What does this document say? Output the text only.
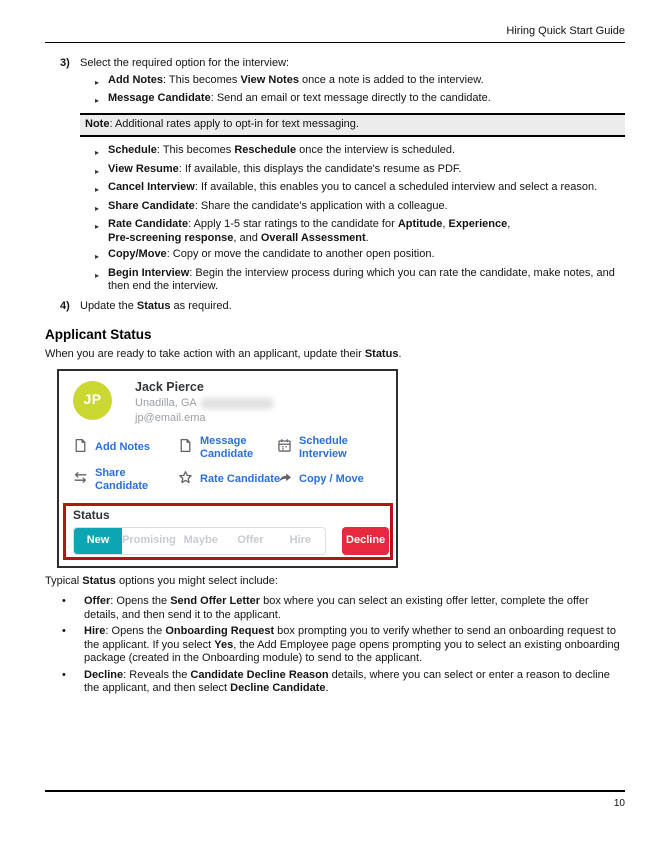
Hiring Quick Start Guide
3) Select the required option for the interview:
▸ Add Notes: This becomes View Notes once a note is added to the interview.
▸ Message Candidate: Send an email or text message directly to the candidate.
Note: Additional rates apply to opt-in for text messaging.
▸ Schedule: This becomes Reschedule once the interview is scheduled.
▸ View Resume: If available, this displays the candidate's resume as PDF.
▸ Cancel Interview: If available, this enables you to cancel a scheduled interview and select a reason.
▸ Share Candidate: Share the candidate's application with a colleague.
▸ Rate Candidate: Apply 1-5 star ratings to the candidate for Aptitude, Experience,
Pre-screening response, and Overall Assessment.
▸ Copy/Move: Copy or move the candidate to another open position.
▸ Begin Interview: Begin the interview process during which you can rate the candidate, make notes, and then end the interview.
4) Update the Status as required.
Applicant Status

When you are ready to take action with an applicant, update their Status.

JP
Jack Pierce
Unadilla, GA
jp@email.ema
Add Notes
Message Candidate
Schedule Interview
Share Candidate
Rate Candidate Copy / Move
Status
New	Promising Maybe	Offer	Hire	Decline

Typical Status options you might select include:

•	Offer: Opens the Send Offer Letter box where you can select an existing offer letter, complete the offer details, and then send it to the applicant.
•	Hire: Opens the Onboarding Request box prompting you to verify whether to send an onboarding request to the applicant. If you select Yes, the Add Employee page opens prompting you to select an existing onboarding package (created in the Onboarding module) to send to the applicant.
•	Decline: Reveals the Candidate Decline Reason details, where you can select or enter a reason to decline the applicant, and then select Decline Candidate.
10
